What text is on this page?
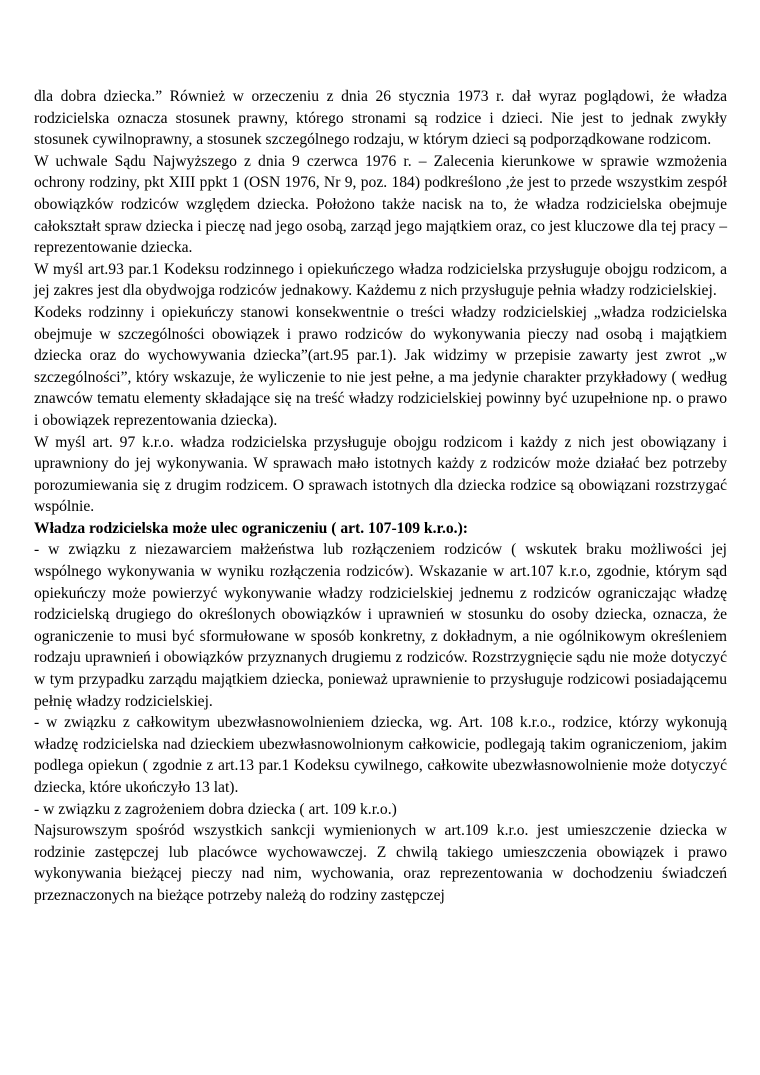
dla dobra dziecka.” Również w orzeczeniu z dnia 26 stycznia 1973 r. dał wyraz poglądowi, że władza rodzicielska oznacza stosunek prawny, którego stronami są rodzice i dzieci. Nie jest to jednak zwykły stosunek cywilnoprawny, a stosunek szczególnego rodzaju, w którym dzieci są podporządkowane rodzicom.

W uchwale Sądu Najwyższego z dnia 9 czerwca 1976 r. – Zalecenia kierunkowe w sprawie wzmożenia ochrony rodziny, pkt XIII ppkt 1 (OSN 1976, Nr 9, poz. 184) podkreślono ,że jest to przede wszystkim zespół obowiązków rodziców względem dziecka. Położono także nacisk na to, że władza rodzicielska obejmuje całokształt spraw dziecka i pieczę nad jego osobą, zarząd jego majątkiem oraz, co jest kluczowe dla tej pracy – reprezentowanie dziecka.

W myśl art.93 par.1 Kodeksu rodzinnego i opiekuńczego władza rodzicielska przysługuje obojgu rodzicom, a jej zakres jest dla obydwojga rodziców jednakowy. Każdemu z nich przysługuje pełnia władzy rodzicielskiej.

Kodeks rodzinny i opiekuńczy stanowi konsekwentnie o treści władzy rodzicielskiej „władza rodzicielska obejmuje w szczególności obowiązek i prawo rodziców do wykonywania pieczy nad osobą i majątkiem dziecka oraz do wychowywania dziecka”(art.95 par.1). Jak widzimy w przepisie zawarty jest zwrot „w szczególności”, który wskazuje, że wyliczenie to nie jest pełne, a ma jedynie charakter przykładowy ( według znawców tematu elementy składające się na treść władzy rodzicielskiej powinny być uzupełnione np. o prawo i obowiązek reprezentowania dziecka).

W myśl art. 97 k.r.o. władza rodzicielska przysługuje obojgu rodzicom i każdy z nich jest obowiązany i uprawniony do jej wykonywania. W sprawach mało istotnych każdy z rodziców może działać bez potrzeby porozumiewania się z drugim rodzicem. O sprawach istotnych dla dziecka rodzice są obowiązani rozstrzygać wspólnie.

Władza rodzicielska może ulec ograniczeniu ( art. 107-109 k.r.o.):

- w związku z niezawarciem małżeństwa lub rozłączeniem rodziców ( wskutek braku możliwości jej wspólnego wykonywania w wyniku rozłączenia rodziców). Wskazanie w art.107 k.r.o, zgodnie, którym sąd opiekuńczy może powierzyć wykonywanie władzy rodzicielskiej jednemu z rodziców ograniczając władzę rodzicielską drugiego do określonych obowiązków i uprawnień w stosunku do osoby dziecka, oznacza, że ograniczenie to musi być sformułowane w sposób konkretny, z dokładnym, a nie ogólnikowym określeniem rodzaju uprawnień i obowiązków przyznanych drugiemu z rodziców. Rozstrzygnięcie sądu nie może dotyczyć w tym przypadku zarządu majątkiem dziecka, ponieważ uprawnienie to przysługuje rodzicowi posiadającemu pełnię władzy rodzicielskiej.

- w związku z całkowitym ubezwłasnowolnieniem dziecka, wg. Art. 108 k.r.o., rodzice, którzy wykonują władzę rodzicielska nad dzieckiem ubezwłasnowolnionym całkowicie, podlegają takim ograniczeniom, jakim podlega opiekun ( zgodnie z art.13 par.1 Kodeksu cywilnego, całkowite ubezwłasnowolnienie może dotyczyć dziecka, które ukończyło 13 lat).

- w związku z zagrożeniem dobra dziecka ( art. 109 k.r.o.)

Najsurowszym spośród wszystkich sankcji wymienionych w art.109 k.r.o. jest umieszczenie dziecka w rodzinie zastępczej lub placówce wychowawczej. Z chwilą takiego umieszczenia obowiązek i prawo wykonywania bieżącej pieczy nad nim, wychowania, oraz reprezentowania w dochodzeniu świadczeń przeznaczonych na bieżące potrzeby należą do rodziny zastępczej
